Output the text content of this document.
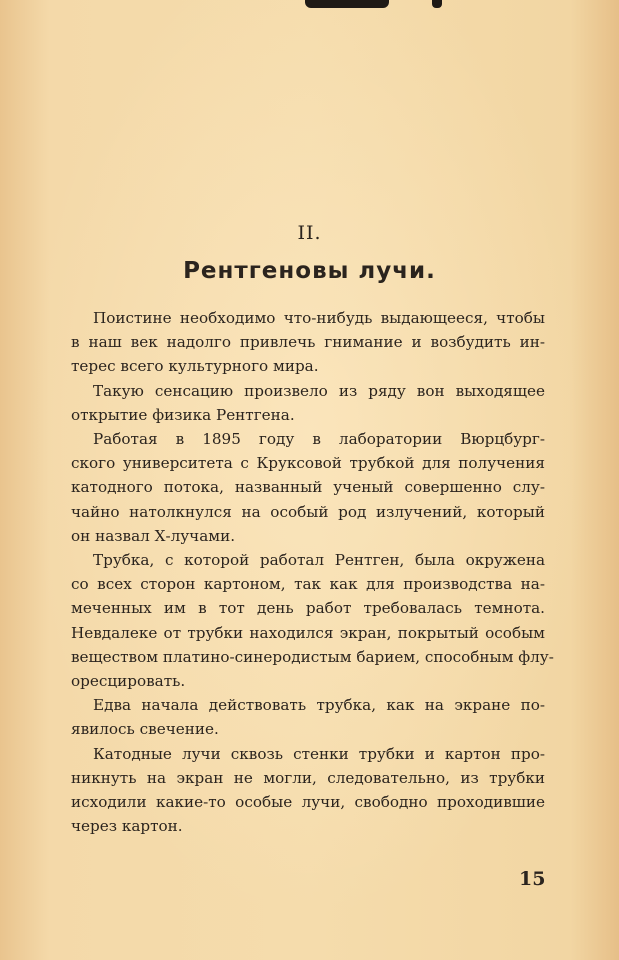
II.
Рентгеновы лучи.
Поистине необходимо что-нибудь выдающееся, чтобы
в наш век надолго привлечь гнимание и возбудить ин-
терес всего культурного мира.
Такую сенсацию произвело из ряду вон выходящее
открытие физика Рентгена.
Работая в 1895 году в лаборатории Вюрцбург-
ского университета с Круксовой трубкой для получения
катодного потока, названный ученый совершенно слу-
чайно натолкнулся на особый род излучений, который
он назвал Х-лучами.
Трубка, с которой работал Рентген, была окружена
со всех сторон картоном, так как для производства на-
меченных им в тот день работ требовалась темнота.
Невдалеке от трубки находился экран, покрытый особым
веществом платино-синеродистым барием, способным флу-
оресцировать.
Едва начала действовать трубка, как на экране по-
явилось свечение.
Катодные лучи сквозь стенки трубки и картон про-
никнуть на экран не могли, следовательно, из трубки
исходили какие-то особые лучи, свободно проходившие
через картон.
15
